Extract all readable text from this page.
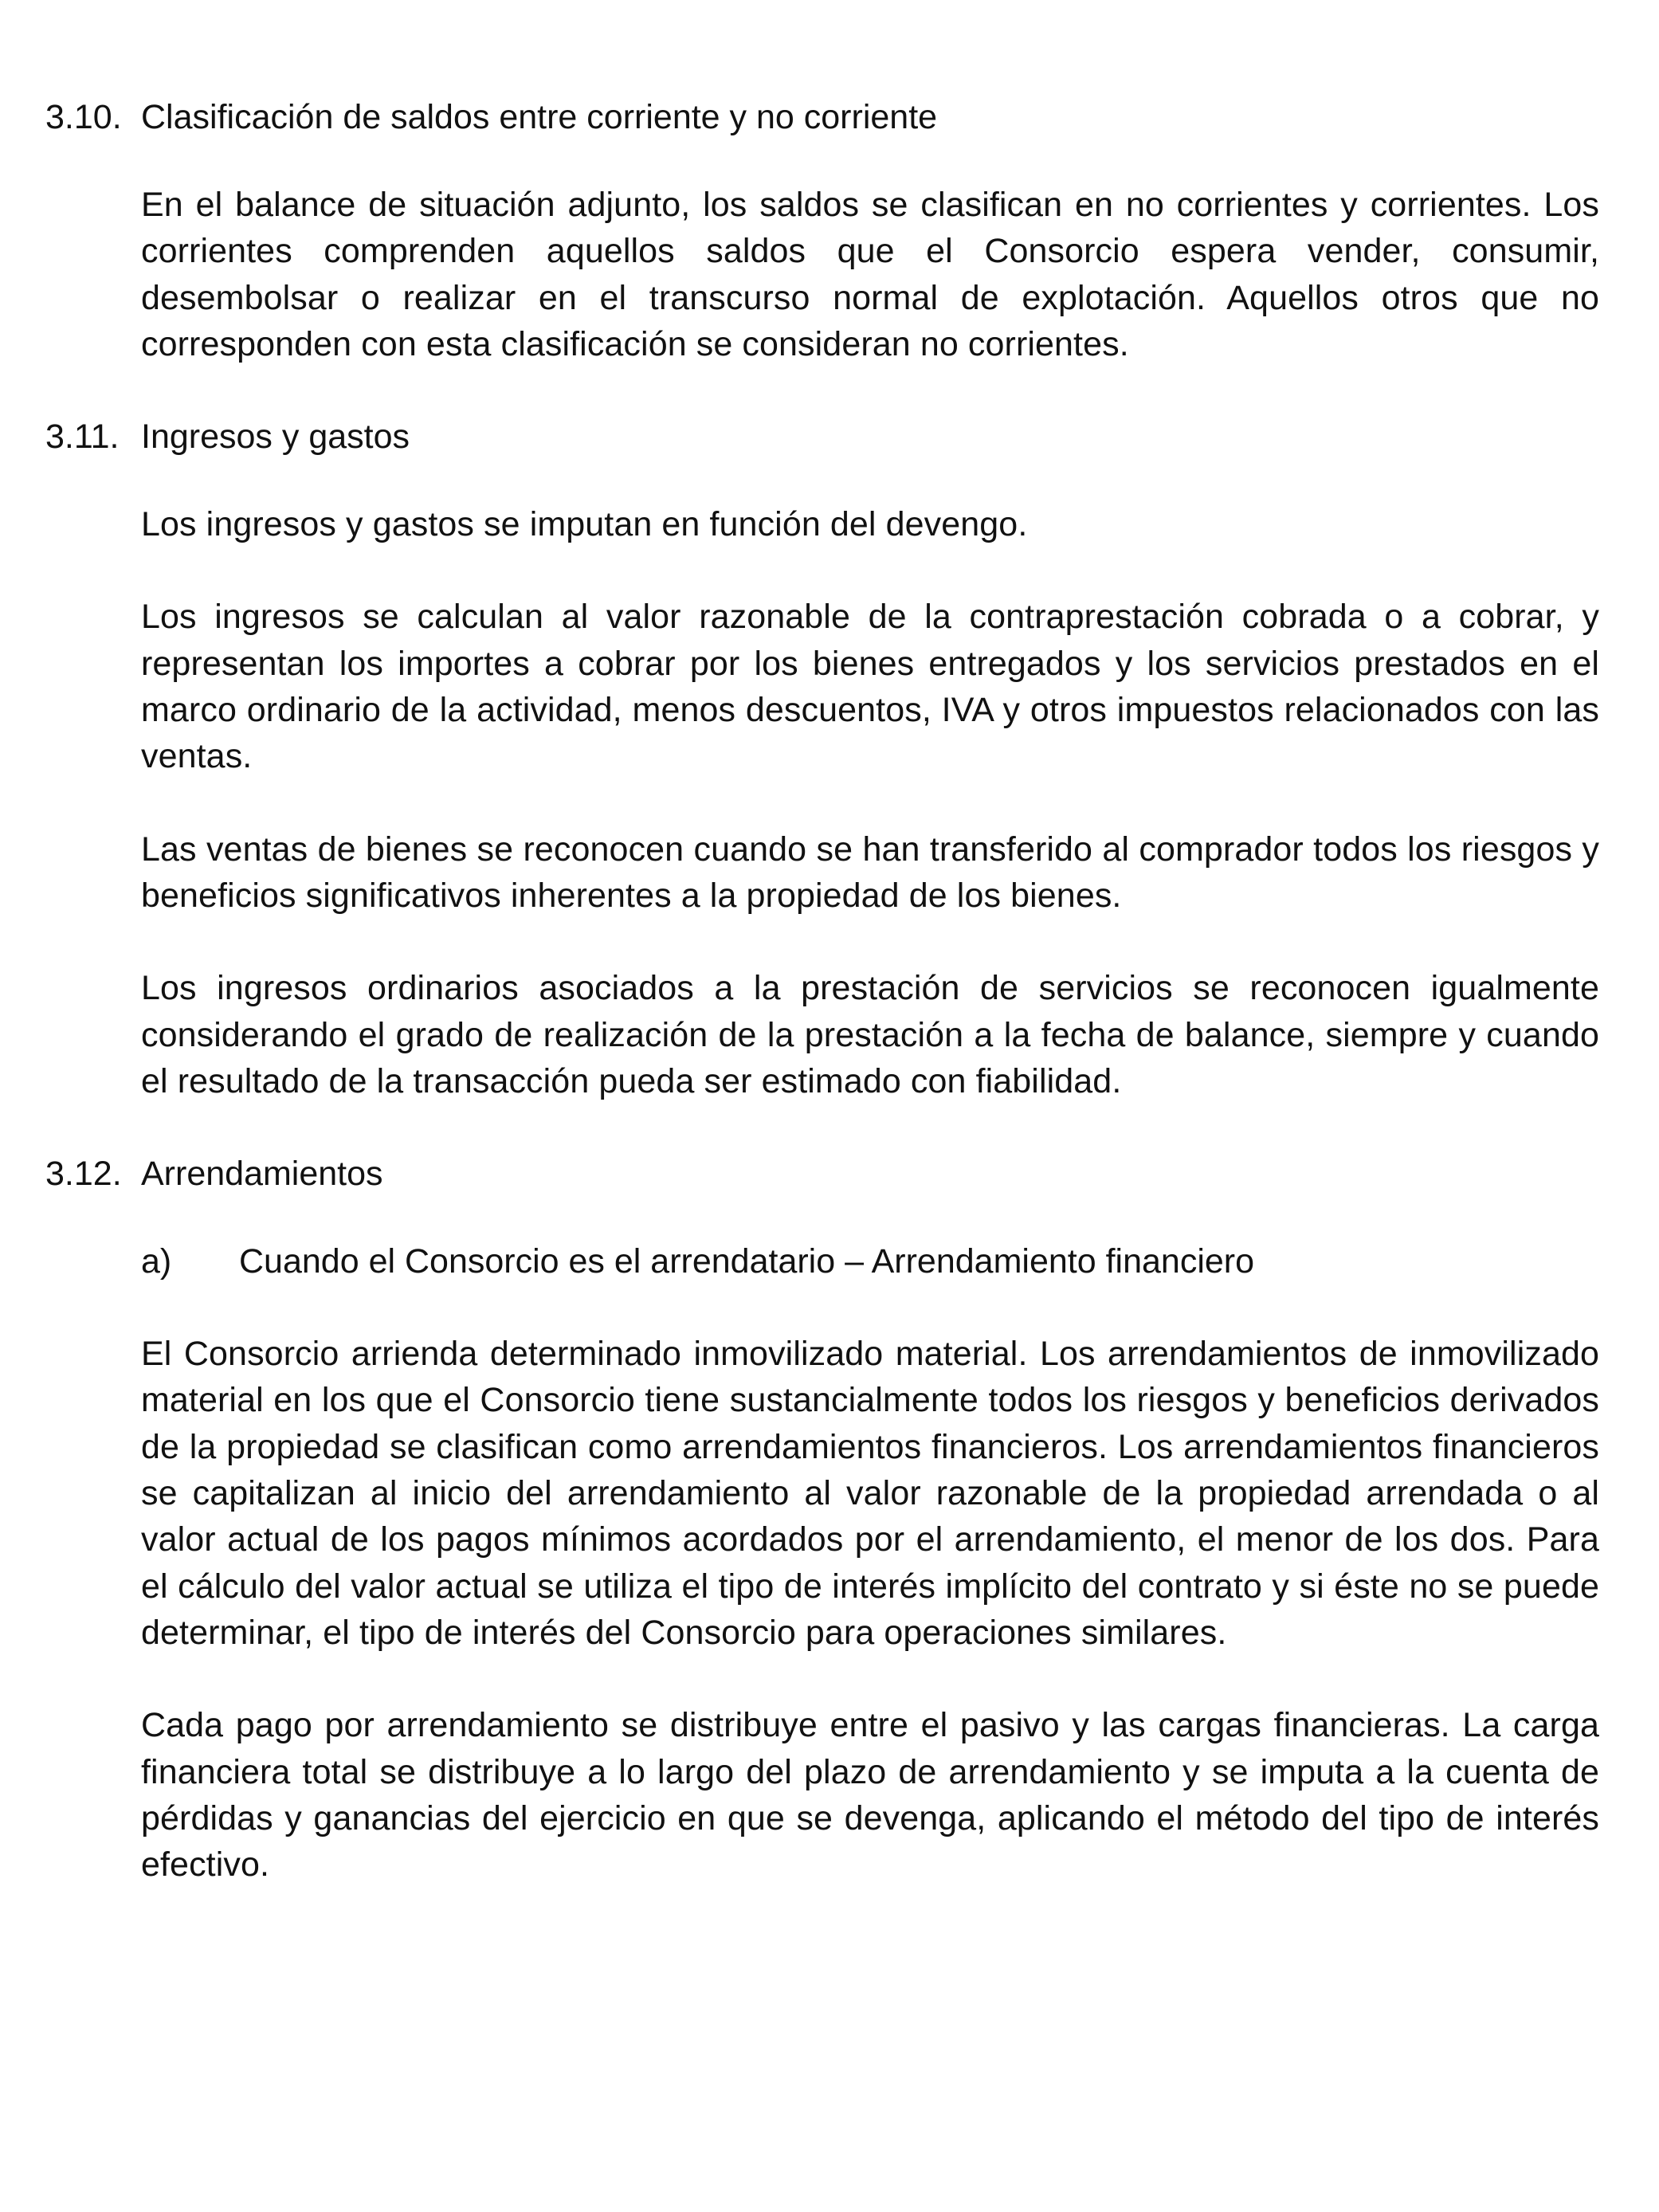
3.10. Clasificación de saldos entre corriente y no corriente

En el balance de situación adjunto, los saldos se clasifican en no corrientes y corrientes. Los corrientes comprenden aquellos saldos que el Consorcio espera vender, consumir, desembolsar o realizar en el transcurso normal de explotación. Aquellos otros que no corresponden con esta clasificación se consideran no corrientes.

3.11. Ingresos y gastos

Los ingresos y gastos se imputan en función del devengo.

Los ingresos se calculan al valor razonable de la contraprestación cobrada o a cobrar, y representan los importes a cobrar por los bienes entregados y los servicios prestados en el marco ordinario de la actividad, menos descuentos, IVA y otros impuestos relacionados con las ventas.

Las ventas de bienes se reconocen cuando se han transferido al comprador todos los riesgos y beneficios significativos inherentes a la propiedad de los bienes.

Los ingresos ordinarios asociados a la prestación de servicios se reconocen igualmente considerando el grado de realización de la prestación a la fecha de balance, siempre y cuando el resultado de la transacción pueda ser estimado con fiabilidad.

3.12. Arrendamientos
a)	Cuando el Consorcio es el arrendatario – Arrendamiento financiero

El Consorcio arrienda determinado inmovilizado material. Los arrendamientos de inmovilizado material en los que el Consorcio tiene sustancialmente todos los riesgos y beneficios derivados de la propiedad se clasifican como arrendamientos financieros. Los arrendamientos financieros se capitalizan al inicio del arrendamiento al valor razonable de la propiedad arrendada o al valor actual de los pagos mínimos acordados por el arrendamiento, el menor de los dos. Para el cálculo del valor actual se utiliza el tipo de interés implícito del contrato y si éste no se puede determinar, el tipo de interés del Consorcio para operaciones similares.

Cada pago por arrendamiento se distribuye entre el pasivo y las cargas financieras. La carga financiera total se distribuye a lo largo del plazo de arrendamiento y se imputa a la cuenta de pérdidas y ganancias del ejercicio en que se devenga, aplicando el método del tipo de interés efectivo.
